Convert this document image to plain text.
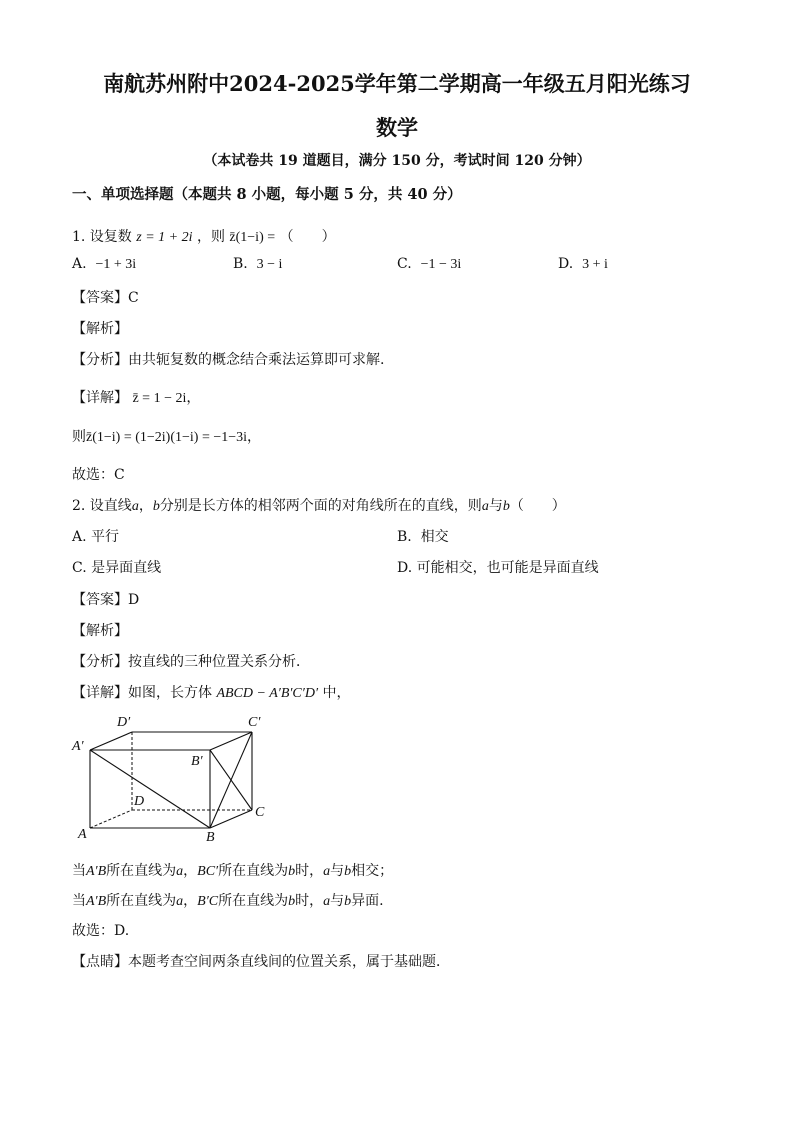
南航苏州附中2024-2025学年第二学期高一年级五月阳光练习
数学
（本试卷共 19 道题目，满分 150 分，考试时间 120 分钟）
一、单项选择题（本题共 8 小题，每小题 5 分，共 40 分）
1. 设复数 z = 1 + 2i ，则 z̄(1−i) = （　　）
A. −1 + 3i	B. 3 − i	C. −1 − 3i	D. 3 + i
【答案】C
【解析】
【分析】由共轭复数的概念结合乘法运算即可求解.
【详解】 z̄ = 1 − 2i，
则z̄(1−i) = (1−2i)(1−i) = −1−3i，
故选：C
2. 设直线a，b分别是长方体的相邻两个面的对角线所在的直线，则a与b（　　）
A. 平行	B. 相交
C. 是异面直线	D. 可能相交，也可能是异面直线
【答案】D
【解析】
【分析】按直线的三种位置关系分析．
【详解】如图，长方体 ABCD − A′B′C′D′ 中，
D′	C′
A′
B′
D
C
A	B
当A′B所在直线为a，BC′所在直线为b时，a与b相交；
当A′B所在直线为a，B′C所在直线为b时，a与b异面.
故选：D.
【点睛】本题考查空间两条直线间的位置关系，属于基础题．
